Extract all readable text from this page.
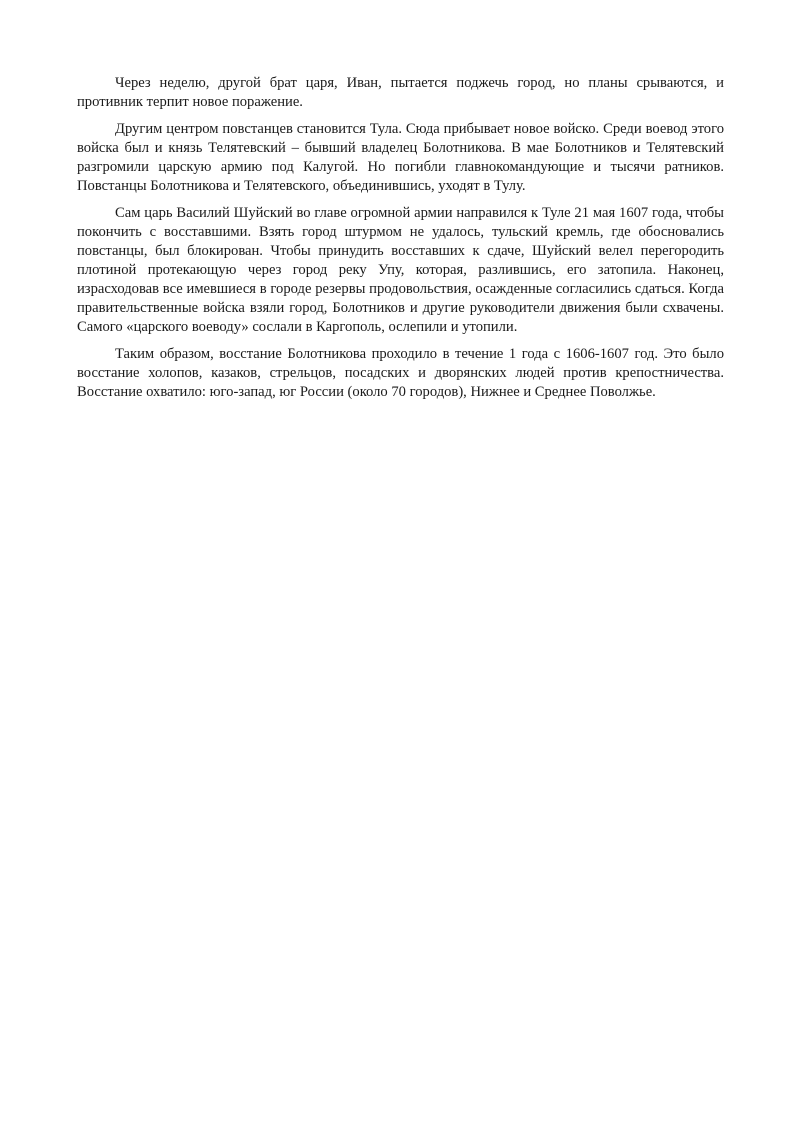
Через неделю, другой брат царя, Иван, пытается поджечь город, но планы срываются, и противник терпит новое поражение.

Другим центром повстанцев становится Тула. Сюда прибывает новое войско. Среди воевод этого войска был и князь Телятевский – бывший владелец Болотникова. В мае Болотников и Телятевский разгромили царскую армию под Калугой. Но погибли главнокомандующие и тысячи ратников. Повстанцы Болотникова и Телятевского, объединившись, уходят в Тулу.

Сам царь Василий Шуйский во главе огромной армии направился к Туле 21 мая 1607 года, чтобы покончить с восставшими. Взять город штурмом не удалось, тульский кремль, где обосновались повстанцы, был блокирован. Чтобы принудить восставших к сдаче, Шуйский велел перегородить плотиной протекающую через город реку Упу, которая, разлившись, его затопила. Наконец, израсходовав все имевшиеся в городе резервы продовольствия, осажденные согласились сдаться. Когда правительственные войска взяли город, Болотников и другие руководители движения были схвачены. Самого «царского воеводу» сослали в Каргополь, ослепили и утопили.

Таким образом, восстание Болотникова проходило в течение 1 года с 1606-1607 год. Это было восстание холопов, казаков, стрельцов, посадских и дворянских людей против крепостничества. Восстание охватило: юго-запад, юг России (около 70 городов), Нижнее и Среднее Поволжье.
